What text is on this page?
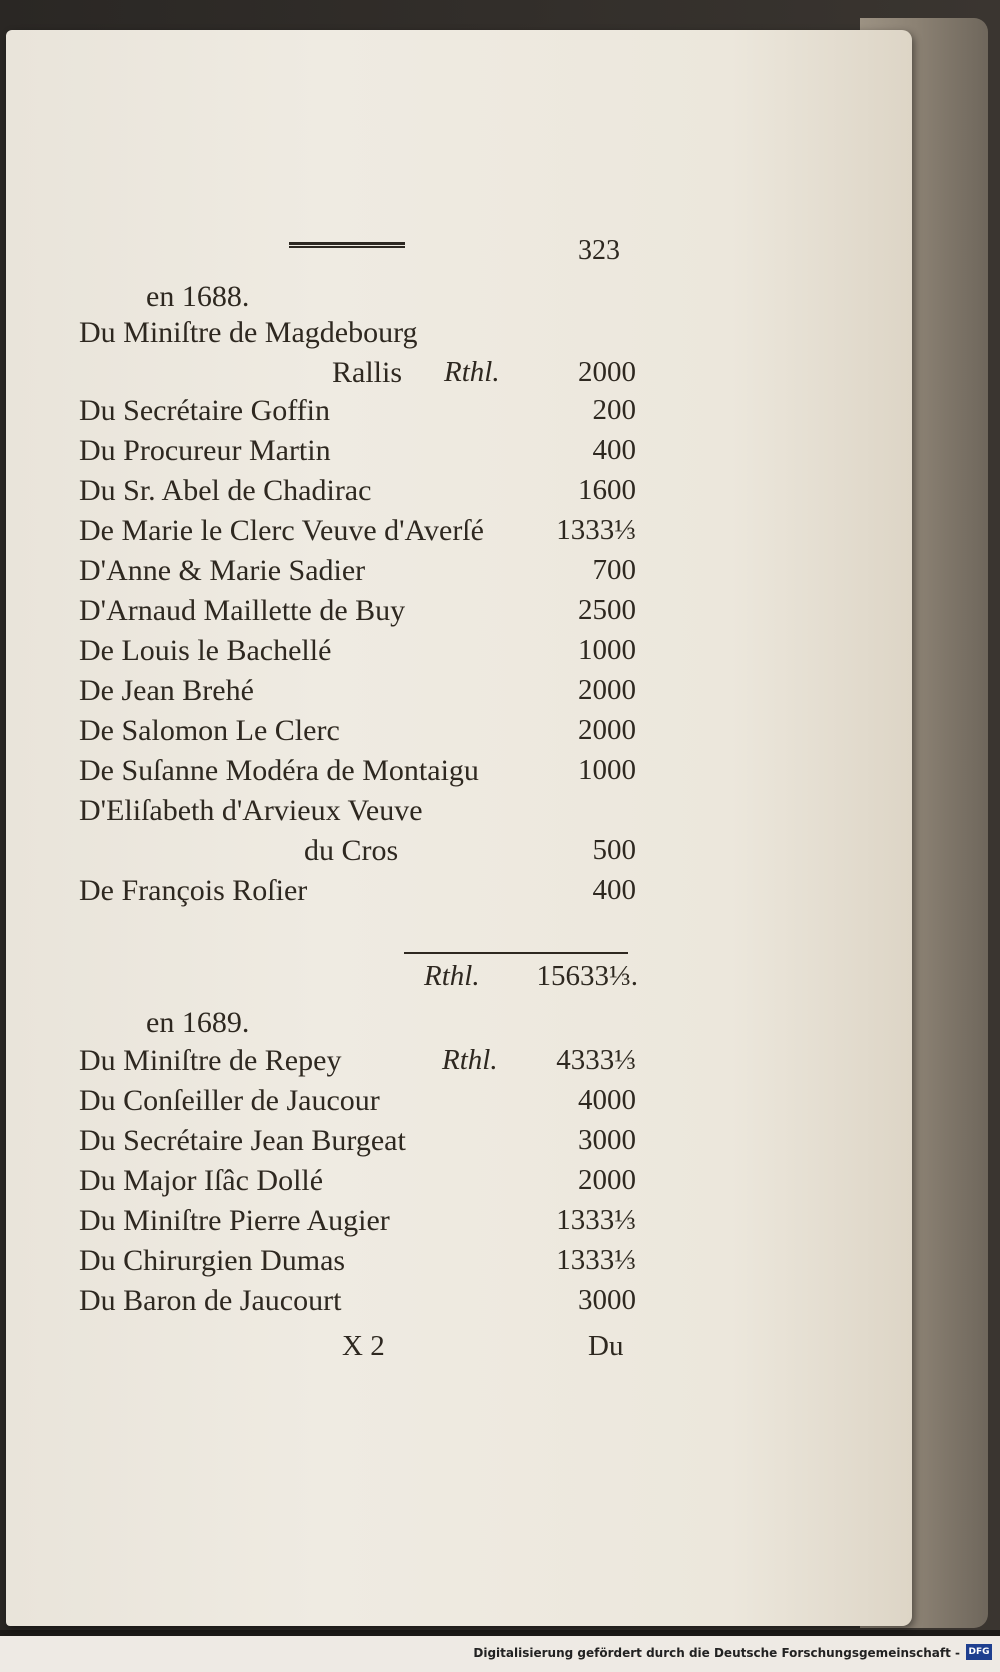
323
en 1688.
Du Miniſtre de Magdebourg
Rallis Rthl.	2000
Du Secrétaire Goffin	200
Du Procureur Martin	400
Du Sr. Abel de Chadirac	1600
De Marie le Clerc Veuve d'Averſé	1333⅓
D'Anne & Marie Sadier	700
D'Arnaud Maillette de Buy	2500
De Louis le Bachellé	1000
De Jean Brehé	2000
De Salomon Le Clerc	2000
De Suſanne Modéra de Montaigu	1000
D'Eliſabeth d'Arvieux Veuve
du Cros	500
De François Roſier	400
Rthl.	15633⅓.
en 1689.
Du Miniſtre de Repey	Rthl.	4333⅓
Du Conſeiller de Jaucour	4000
Du Secrétaire Jean Burgeat	3000
Du Major Iſâc Dollé	2000
Du Miniſtre Pierre Augier	1333⅓
Du Chirurgien Dumas	1333⅓
Du Baron de Jaucourt	3000
X 2	Du
Digitalisierung gefördert durch die Deutsche Forschungsgemeinschaft - DFG
